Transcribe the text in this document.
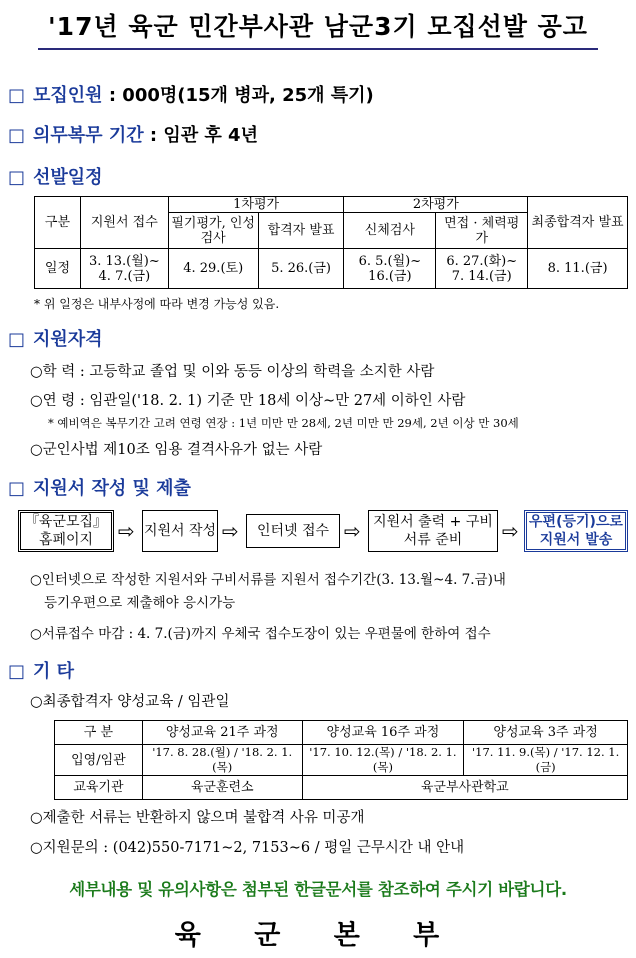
'17년 육군 민간부사관 남군3기 모집선발 공고
□ 모집인원 : 000명(15개 병과, 25개 특기)
□ 의무복무 기간 : 임관 후 4년
□ 선발일정
구분	지원서 접수	1차평가		2차평가		최종합격자 발표
		필기평가, 인성검사	합격자 발표	신체검사	면접 · 체력평가	
일정	3. 13.(월)~ 4. 7.(금)	4. 29.(토)	5. 26.(금)	6. 5.(월)~ 16.(금)	6. 27.(화)~ 7. 14.(금)	8. 11.(금)
* 위 일정은 내부사정에 따라 변경 가능성 있음.
□ 지원자격
○학 력 : 고등학교 졸업 및 이와 동등 이상의 학력을 소지한 사람
○연 령 : 임관일('18. 2. 1) 기준 만 18세 이상∼만 27세 이하인 사람
* 예비역은 복무기간 고려 연령 연장 : 1년 미만 만 28세, 2년 미만 만 29세, 2년 이상 만 30세
○군인사법 제10조 임용 결격사유가 없는 사람
□ 지원서 작성 및 제출
『육군모집』 홈페이지	⇨ 지원서 작성 ⇨	인터넷 접수 ⇨ 지원서 출력 + 구비서류 준비	⇨ 우편(등기)으로 지원서 발송
○인터넷으로 작성한 지원서와 구비서류를 지원서 접수기간(3. 13.월~4. 7.금)내
등기우편으로 제출해야 응시가능
○서류접수 마감 : 4. 7.(금)까지 우체국 접수도장이 있는 우편물에 한하여 접수
□ 기 타
○최종합격자 양성교육 / 임관일
구 분	양성교육 21주 과정	양성교육 16주 과정	양성교육 3주 과정
입영/임관	'17. 8. 28.(월) / '18. 2. 1.(목)	'17. 10. 12.(목) / '18. 2. 1.(목)	'17. 11. 9.(목) / '17. 12. 1.(금)
교육기관	육군훈련소	육군부사관학교	
○제출한 서류는 반환하지 않으며 불합격 사유 미공개
○지원문의 : (042)550-7171∼2, 7153∼6 / 평일 근무시간 내 안내
세부내용 및 유의사항은 첨부된 한글문서를 참조하여 주시기 바랍니다.
육 군 본 부
